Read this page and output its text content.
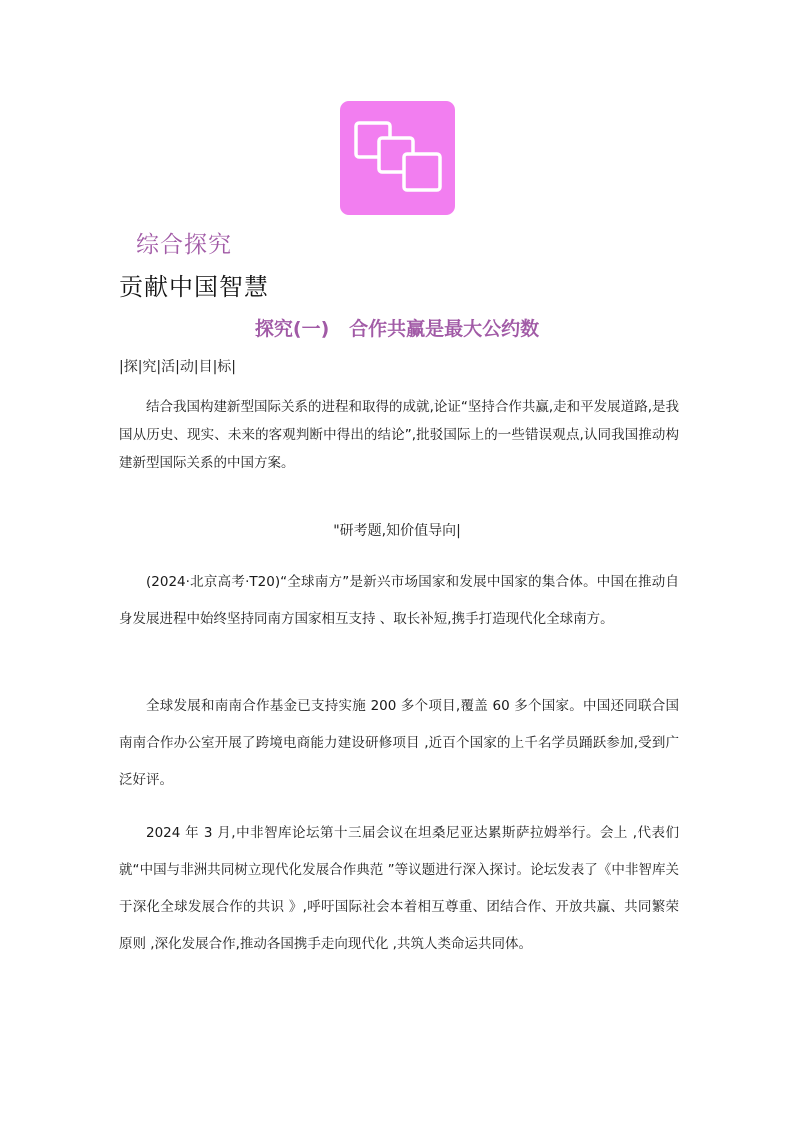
综合探究
贡献中国智慧
探究(一)   合作共赢是最大公约数
|探|究|活|动|目|标|

结合我国构建新型国际关系的进程和取得的成就,论证“坚持合作共赢,走和平发展道路,是我国从历史、现实、未来的客观判断中得出的结论”,批驳国际上的一些错误观点,认同我国推动构建新型国际关系的中国方案。

"研考题,知价值导向|

(2024·北京高考·T20)“全球南方”是新兴市场国家和发展中国家的集合体。中国在推动自身发展进程中始终坚持同南方国家相互支持 、取长补短,携手打造现代化全球南方。

全球发展和南南合作基金已支持实施 200 多个项目,覆盖 60 多个国家。中国还同联合国南南合作办公室开展了跨境电商能力建设研修项目 ,近百个国家的上千名学员踊跃参加,受到广泛好评。

2024 年 3 月,中非智库论坛第十三届会议在坦桑尼亚达累斯萨拉姆举行。会上 ,代表们就“中国与非洲共同树立现代化发展合作典范 ”等议题进行深入探讨。论坛发表了《中非智库关于深化全球发展合作的共识 》,呼吁国际社会本着相互尊重、团结合作、开放共赢、共同繁荣原则 ,深化发展合作,推动各国携手走向现代化 ,共筑人类命运共同体。
